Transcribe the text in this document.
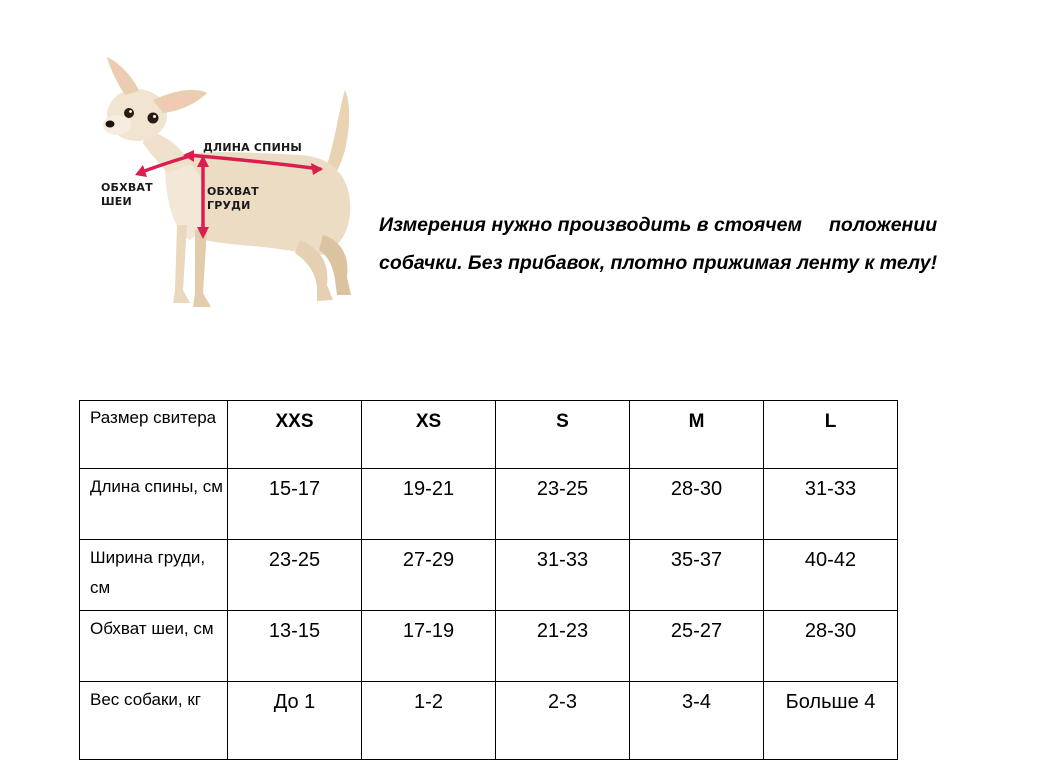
ДЛИНА СПИНЫ
ОБХВАТ
ШЕИ
ОБХВАТ
ГРУДИ
Измерения нужно производить в стоячем     положении
собачки. Без прибавок, плотно прижимая ленту к телу!
Размер свитера	XXS	XS	S	M	L
Длина спины, см	15-17	19-21	23-25	28-30	31-33
Ширина груди, см	23-25	27-29	31-33	35-37	40-42
Обхват шеи, см	13-15	17-19	21-23	25-27	28-30
Вес собаки, кг	До 1	1-2	2-3	3-4	Больше 4
